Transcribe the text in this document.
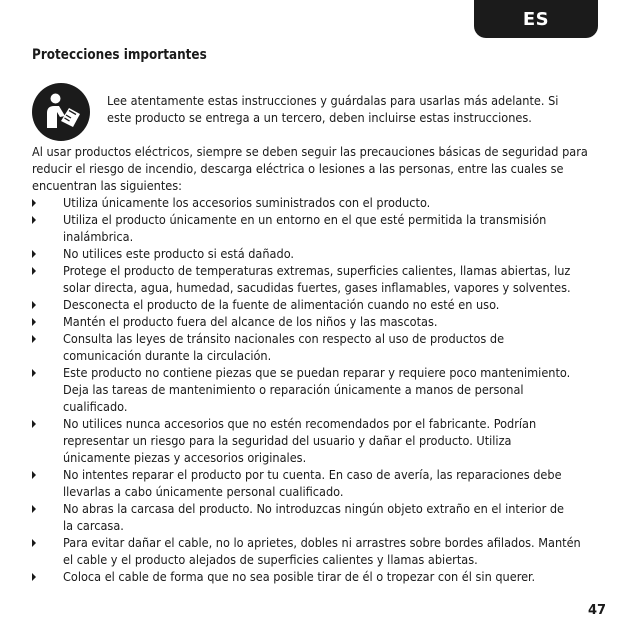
ES
Protecciones importantes
Lee atentamente estas instrucciones y guárdalas para usarlas más adelante. Si
este producto se entrega a un tercero, deben incluirse estas instrucciones.
Al usar productos eléctricos, siempre se deben seguir las precauciones básicas de seguridad para
reducir el riesgo de incendio, descarga eléctrica o lesiones a las personas, entre las cuales se
encuentran las siguientes:
Utiliza únicamente los accesorios suministrados con el producto.
Utiliza el producto únicamente en un entorno en el que esté permitida la transmisión
inalámbrica.
No utilices este producto si está dañado.
Protege el producto de temperaturas extremas, superficies calientes, llamas abiertas, luz
solar directa, agua, humedad, sacudidas fuertes, gases inflamables, vapores y solventes.
Desconecta el producto de la fuente de alimentación cuando no esté en uso.
Mantén el producto fuera del alcance de los niños y las mascotas.
Consulta las leyes de tránsito nacionales con respecto al uso de productos de
comunicación durante la circulación.
Este producto no contiene piezas que se puedan reparar y requiere poco mantenimiento.
Deja las tareas de mantenimiento o reparación únicamente a manos de personal
cualificado.
No utilices nunca accesorios que no estén recomendados por el fabricante. Podrían
representar un riesgo para la seguridad del usuario y dañar el producto. Utiliza
únicamente piezas y accesorios originales.
No intentes reparar el producto por tu cuenta. En caso de avería, las reparaciones debe
llevarlas a cabo únicamente personal cualificado.
No abras la carcasa del producto. No introduzcas ningún objeto extraño en el interior de
la carcasa.
Para evitar dañar el cable, no lo aprietes, dobles ni arrastres sobre bordes afilados. Mantén
el cable y el producto alejados de superficies calientes y llamas abiertas.
Coloca el cable de forma que no sea posible tirar de él o tropezar con él sin querer.
47
